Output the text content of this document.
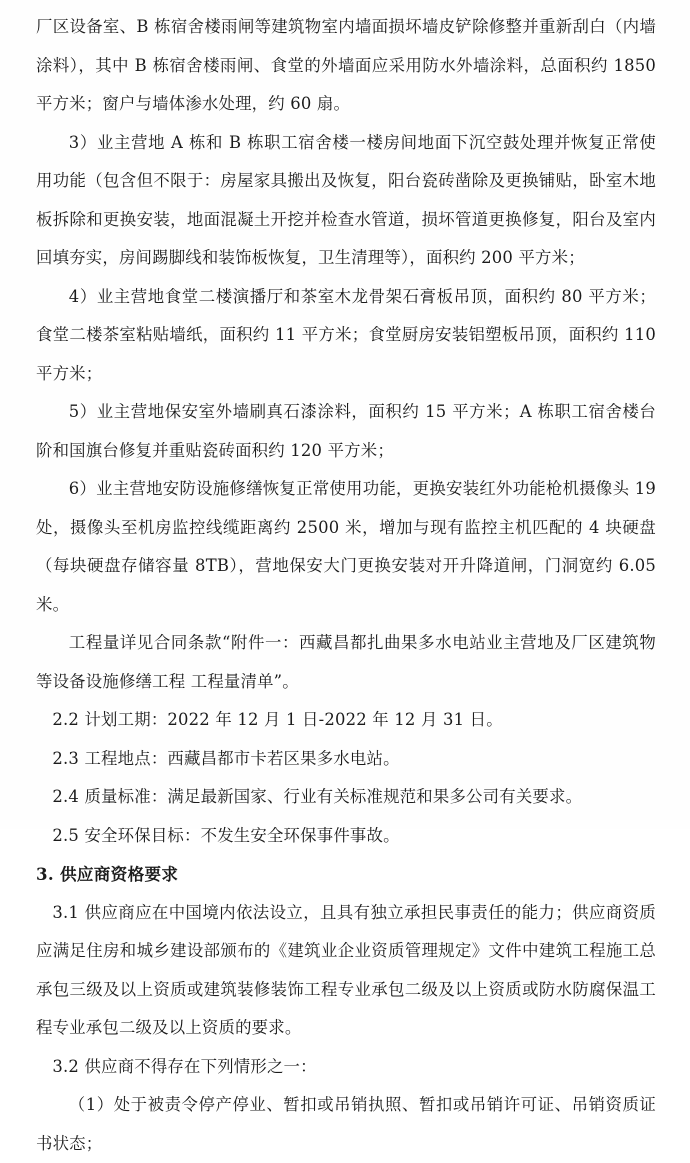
厂区设备室、B 栋宿舍楼雨闸等建筑物室内墙面损坏墙皮铲除修整并重新刮白（内墙涂料），其中 B 栋宿舍楼雨闸、食堂的外墙面应采用防水外墙涂料，总面积约 1850 平方米；窗户与墙体渗水处理，约 60 扇。

3）业主营地 A 栋和 B 栋职工宿舍楼一楼房间地面下沉空鼓处理并恢复正常使用功能（包含但不限于：房屋家具搬出及恢复，阳台瓷砖凿除及更换铺贴，卧室木地板拆除和更换安装，地面混凝土开挖并检查水管道，损坏管道更换修复，阳台及室内回填夯实，房间踢脚线和装饰板恢复，卫生清理等），面积约 200 平方米；

4）业主营地食堂二楼演播厅和茶室木龙骨架石膏板吊顶，面积约 80 平方米；食堂二楼茶室粘贴墙纸，面积约 11 平方米；食堂厨房安装铝塑板吊顶，面积约 110 平方米；

5）业主营地保安室外墙刷真石漆涂料，面积约 15 平方米；A 栋职工宿舍楼台阶和国旗台修复并重贴瓷砖面积约 120 平方米；

6）业主营地安防设施修缮恢复正常使用功能，更换安装红外功能枪机摄像头 19 处，摄像头至机房监控线缆距离约 2500 米，增加与现有监控主机匹配的 4 块硬盘（每块硬盘存储容量 8TB），营地保安大门更换安装对开升降道闸，门洞宽约 6.05 米。

工程量详见合同条款“附件一：西藏昌都扎曲果多水电站业主营地及厂区建筑物等设备设施修缮工程 工程量清单”。

2.2 计划工期：2022 年 12 月 1 日-2022 年 12 月 31 日。

2.3 工程地点：西藏昌都市卡若区果多水电站。

2.4 质量标准：满足最新国家、行业有关标准规范和果多公司有关要求。

2.5 安全环保目标：不发生安全环保事件事故。

3. 供应商资格要求

3.1 供应商应在中国境内依法设立，且具有独立承担民事责任的能力；供应商资质应满足住房和城乡建设部颁布的《建筑业企业资质管理规定》文件中建筑工程施工总承包三级及以上资质或建筑装修装饰工程专业承包二级及以上资质或防水防腐保温工程专业承包二级及以上资质的要求。

3.2 供应商不得存在下列情形之一：

（1）处于被责令停产停业、暂扣或吊销执照、暂扣或吊销许可证、吊销资质证书状态；
